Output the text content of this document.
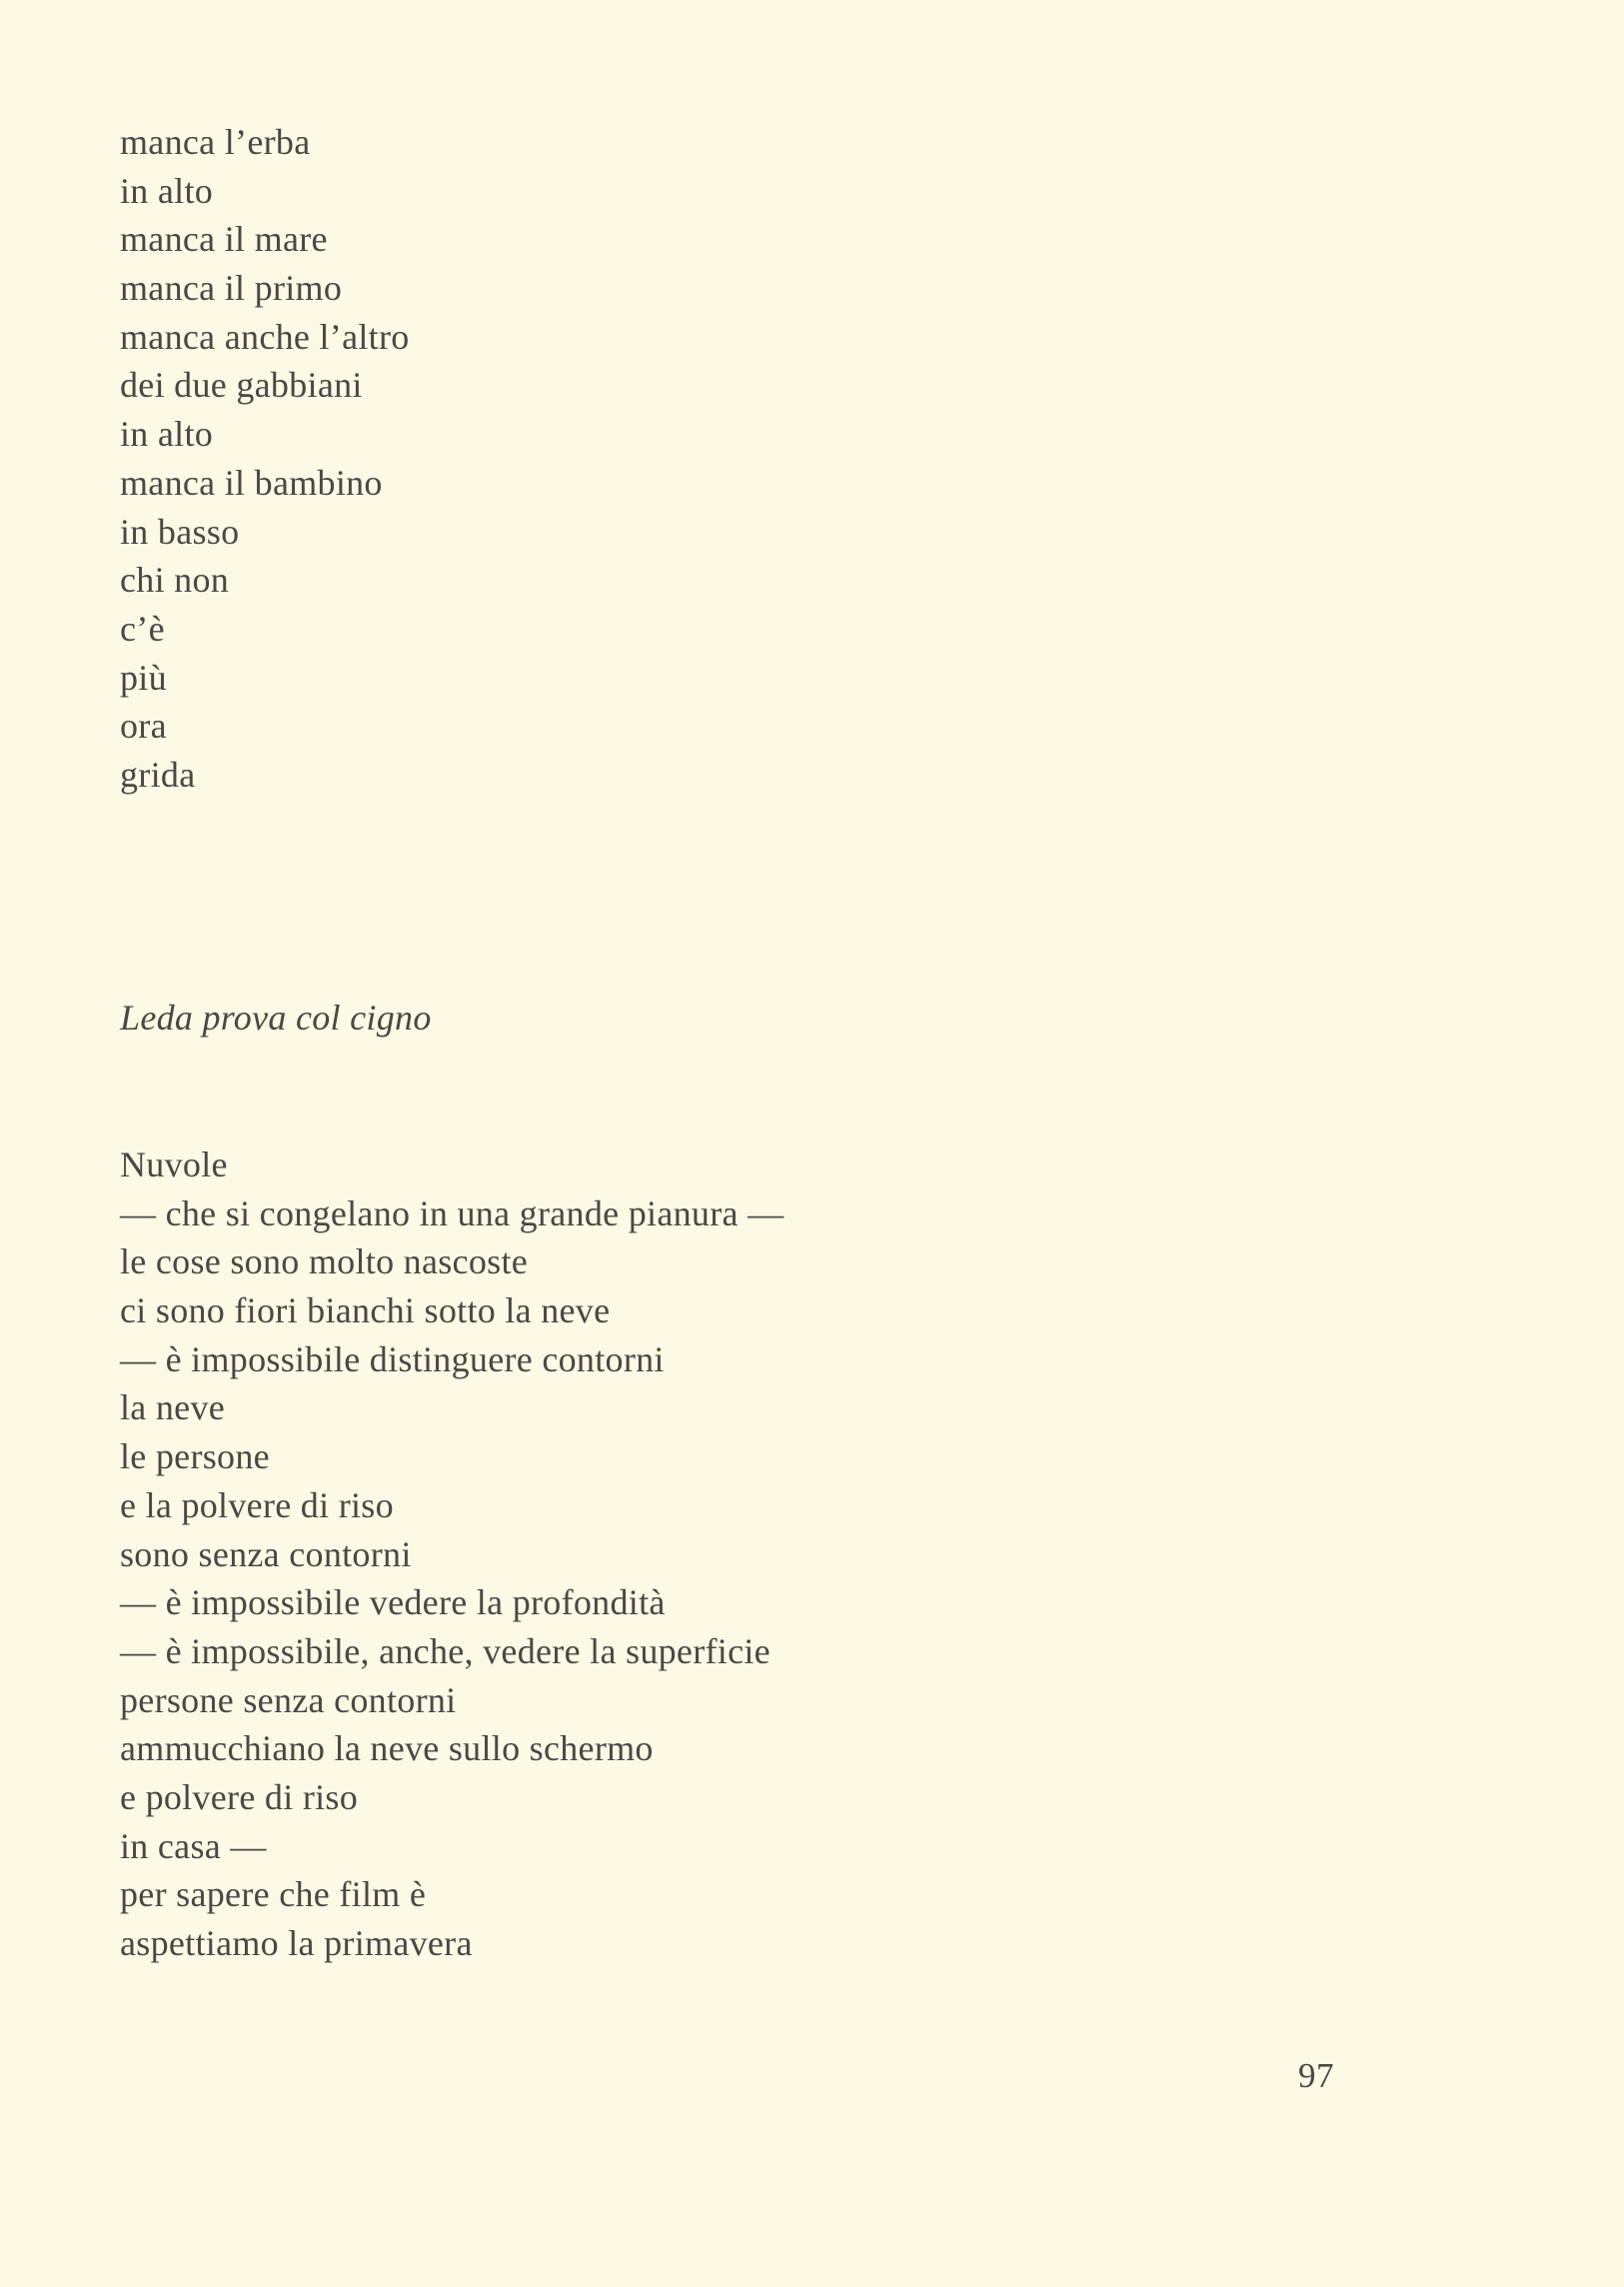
manca l’erba
in alto
manca il mare
manca il primo
manca anche l’altro
dei due gabbiani
in alto
manca il bambino
in basso
chi non
c’è
più
ora
grida
Leda prova col cigno
Nuvole
— che si congelano in una grande pianura —
le cose sono molto nascoste
ci sono fiori bianchi sotto la neve
— è impossibile distinguere contorni
la neve
le persone
e la polvere di riso
sono senza contorni
— è impossibile vedere la profondità
— è impossibile, anche, vedere la superficie
persone senza contorni
ammucchiano la neve sullo schermo
e polvere di riso
in casa —
per sapere che film è
aspettiamo la primavera
97
